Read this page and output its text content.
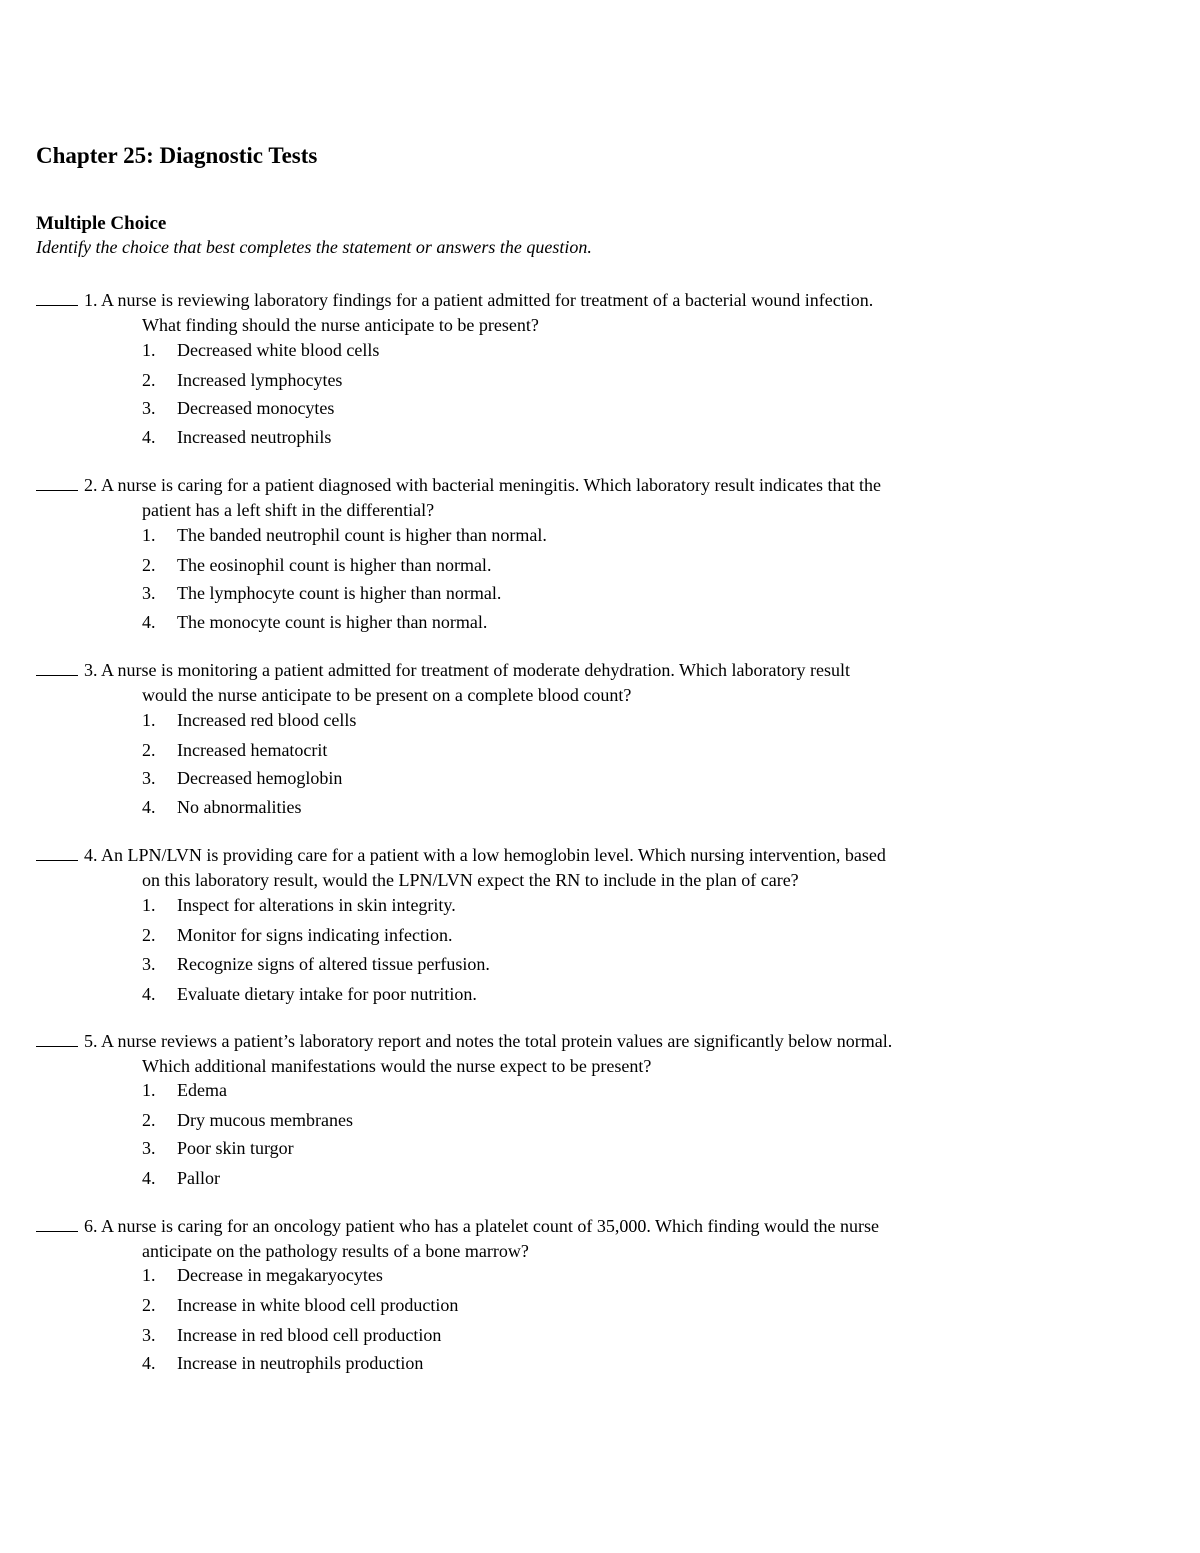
Chapter 25: Diagnostic Tests
Multiple Choice
Identify the choice that best completes the statement or answers the question.
1. A nurse is reviewing laboratory findings for a patient admitted for treatment of a bacterial wound infection.
What finding should the nurse anticipate to be present?
1. Decreased white blood cells
2. Increased lymphocytes
3. Decreased monocytes
4. Increased neutrophils
2. A nurse is caring for a patient diagnosed with bacterial meningitis. Which laboratory result indicates that the
patient has a left shift in the differential?
1. The banded neutrophil count is higher than normal.
2. The eosinophil count is higher than normal.
3. The lymphocyte count is higher than normal.
4. The monocyte count is higher than normal.
3. A nurse is monitoring a patient admitted for treatment of moderate dehydration. Which laboratory result
would the nurse anticipate to be present on a complete blood count?
1. Increased red blood cells
2. Increased hematocrit
3. Decreased hemoglobin
4. No abnormalities
4. An LPN/LVN is providing care for a patient with a low hemoglobin level. Which nursing intervention, based
on this laboratory result, would the LPN/LVN expect the RN to include in the plan of care?
1. Inspect for alterations in skin integrity.
2. Monitor for signs indicating infection.
3. Recognize signs of altered tissue perfusion.
4. Evaluate dietary intake for poor nutrition.
5. A nurse reviews a patient’s laboratory report and notes the total protein values are significantly below normal.
Which additional manifestations would the nurse expect to be present?
1. Edema
2. Dry mucous membranes
3. Poor skin turgor
4. Pallor
6. A nurse is caring for an oncology patient who has a platelet count of 35,000. Which finding would the nurse
anticipate on the pathology results of a bone marrow?
1. Decrease in megakaryocytes
2. Increase in white blood cell production
3. Increase in red blood cell production
4. Increase in neutrophils production
